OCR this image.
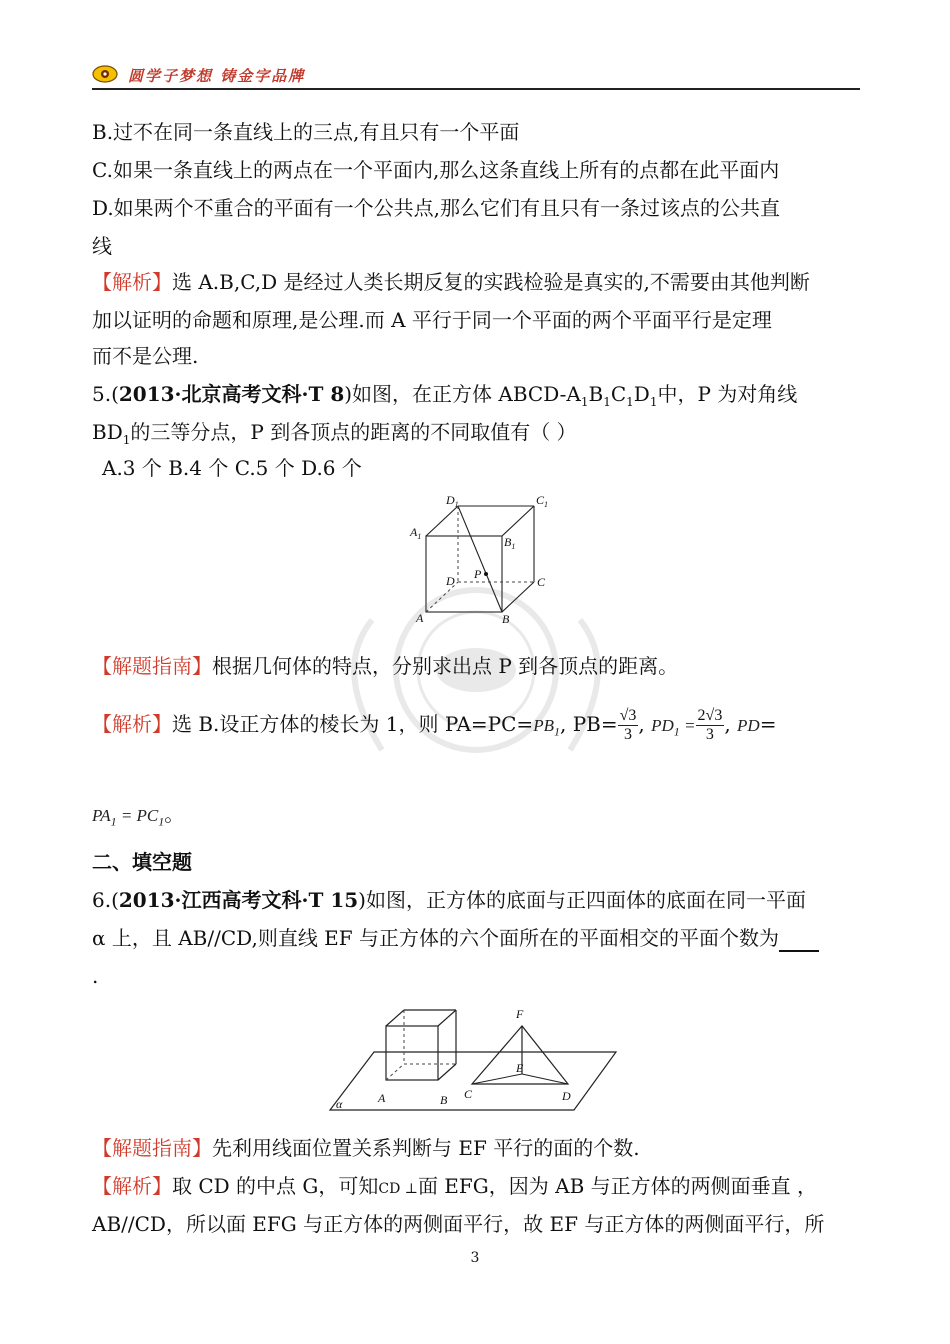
圆学子梦想 铸金字品牌
B.过不在同一条直线上的三点,有且只有一个平面
C.如果一条直线上的两点在一个平面内,那么这条直线上所有的点都在此平面内
D.如果两个不重合的平面有一个公共点,那么它们有且只有一条过该点的公共直
线
【解析】选 A.B,C,D 是经过人类长期反复的实践检验是真实的,不需要由其他判断
加以证明的命题和原理,是公理.而 A 平行于同一个平面的两个平面平行是定理
而不是公理.
5.(2013·北京高考文科·T 8)如图，在正方体 ABCD-$A_1B_1C_1D_1$中，P 为对角线
$BD_1$的三等分点，P 到各顶点的距离的不同取值有（ ）
A.3 个 B.4 个 C.5 个 D.6 个
$D_1$	$C_1$
$A_1$	$B_1$
D P
C
A	B
【解题指南】根据几何体的特点，分别求出点 P 到各顶点的距离。
【解析】选 B.设正方体的棱长为 1，则 $PA=PC=PB_1$, $PB= \frac{√3}{3}$ , $PD_1 = \frac{2√3}{3}$ , PD=
$PA_1 = PC_1$。
二、填空题
6.(2013·江西高考文科·T 15)如图，正方体的底面与正四面体的底面在同一平面
α 上，且 AB//CD,则直线 EF 与正方体的六个面所在的平面相交的平面个数为
.
F
E
α	A	B C	D
【解题指南】先利用线面位置关系判断与 EF 平行的面的个数.
【解析】取 CD 的中点 G，可知CD ⊥面 EFG，因为 AB 与正方体的两侧面垂直 ，
AB//CD，所以面 EFG 与正方体的两侧面平行，故 EF 与正方体的两侧面平行，所
3
